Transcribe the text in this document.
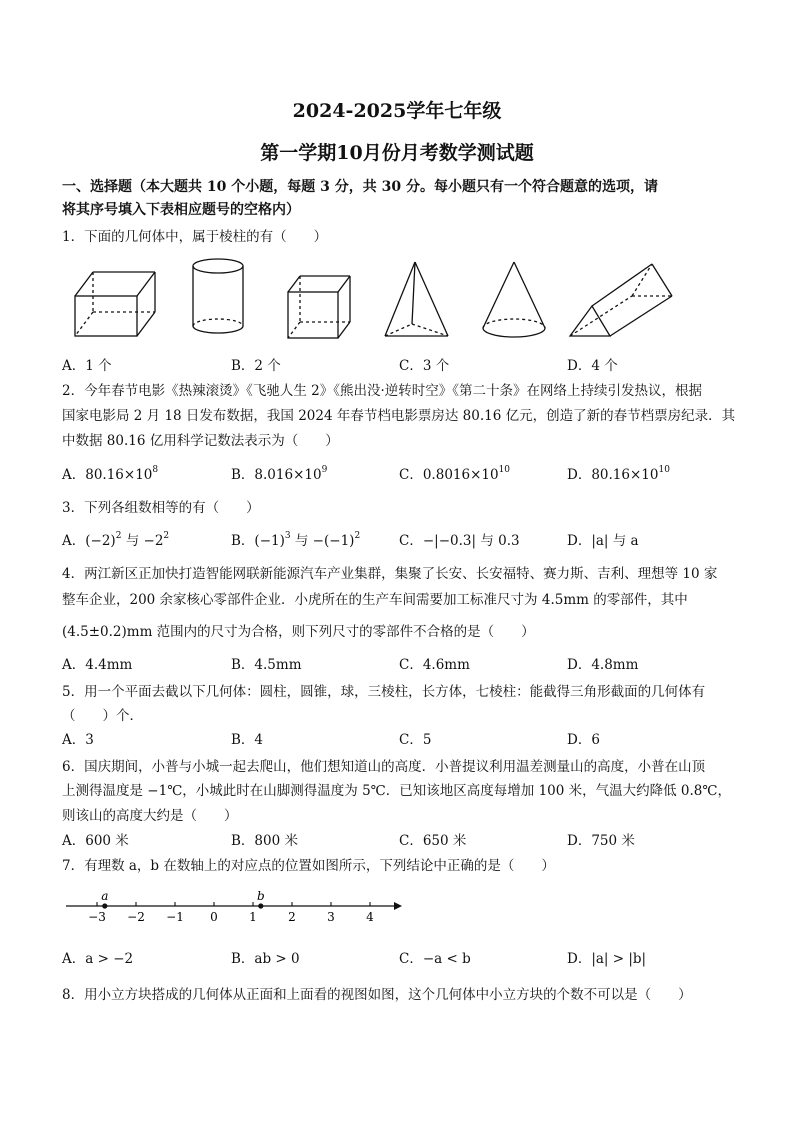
2024-2025学年七年级
第一学期10月份月考数学测试题
一、选择题（本大题共 10 个小题，每题 3 分，共 30 分。每小题只有一个符合题意的选项，请
将其序号填入下表相应题号的空格内）
1．下面的几何体中，属于棱柱的有（　　）
A．1 个	B．2 个	C．3 个	D．4 个
2．今年春节电影《热辣滚烫》《飞驰人生 2》《熊出没·逆转时空》《第二十条》在网络上持续引发热议，根据
国家电影局 2 月 18 日发布数据，我国 2024 年春节档电影票房达 80.16 亿元，创造了新的春节档票房纪录．其
中数据 80.16 亿用科学记数法表示为（　　）
A．$80.16\times 10^8$	B．$8.016\times 10^9$	C．$0.8016\times 10^{10}$	D．$80.16\times 10^{10}$
3．下列各组数相等的有（　　）
A．$(-2)^2$ 与 $-2^2$	B．$(-1)^3$ 与 $-(-1)^2$	C．−|−0.3| 与 0.3	D．|a| 与 a
4．两江新区正加快打造智能网联新能源汽车产业集群，集聚了长安、长安福特、赛力斯、吉利、理想等 10 家
整车企业，200 余家核心零部件企业．小虎所在的生产车间需要加工标准尺寸为 4.5mm 的零部件，其中
(4.5±0.2)mm 范围内的尺寸为合格，则下列尺寸的零部件不合格的是（　　）
A．4.4mm	B．4.5mm	C．4.6mm	D．4.8mm
5．用一个平面去截以下几何体：圆柱，圆锥，球，三棱柱，长方体，七棱柱：能截得三角形截面的几何体有
（　　）个．
A．3	B．4	C．5	D．6
6．国庆期间，小普与小城一起去爬山，他们想知道山的高度．小普提议利用温差测量山的高度，小普在山顶
上测得温度是 −1℃，小城此时在山脚测得温度为 5℃．已知该地区高度每增加 100 米，气温大约降低 0.8℃，
则该山的高度大约是（　　）
A．600 米	B．800 米	C．650 米	D．750 米
7．有理数 a，b 在数轴上的对应点的位置如图所示，下列结论中正确的是（　　）
−3 −2 −1 0	1	2	3	4
a	b
A．a > −2	B．ab > 0	C．−a < b	D．|a| > |b|
8．用小立方块搭成的几何体从正面和上面看的视图如图，这个几何体中小立方块的个数不可以是（　　）
